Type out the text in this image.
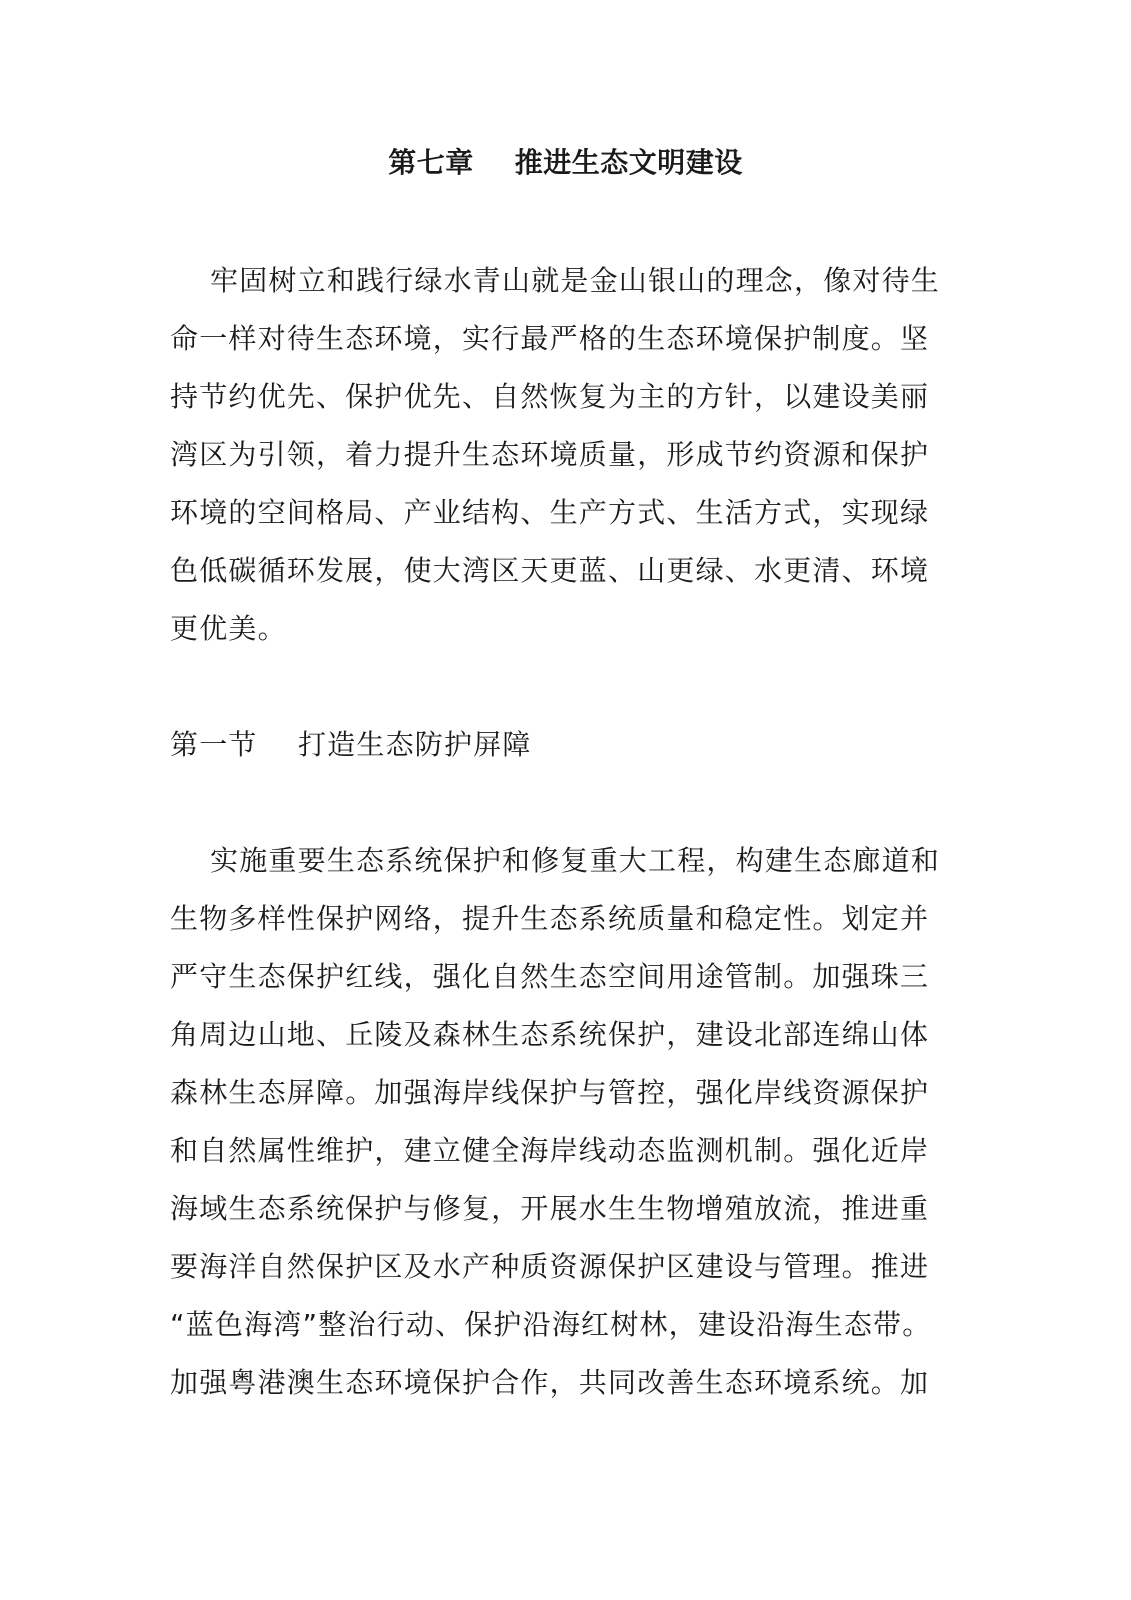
第七章    推进生态文明建设
牢固树立和践行绿水青山就是金山银山的理念，像对待生
命一样对待生态环境，实行最严格的生态环境保护制度。坚
持节约优先、保护优先、自然恢复为主的方针，以建设美丽
湾区为引领，着力提升生态环境质量，形成节约资源和保护
环境的空间格局、产业结构、生产方式、生活方式，实现绿
色低碳循环发展，使大湾区天更蓝、山更绿、水更清、环境
更优美。
第一节    打造生态防护屏障
实施重要生态系统保护和修复重大工程，构建生态廊道和
生物多样性保护网络，提升生态系统质量和稳定性。划定并
严守生态保护红线，强化自然生态空间用途管制。加强珠三
角周边山地、丘陵及森林生态系统保护，建设北部连绵山体
森林生态屏障。加强海岸线保护与管控，强化岸线资源保护
和自然属性维护，建立健全海岸线动态监测机制。强化近岸
海域生态系统保护与修复，开展水生生物增殖放流，推进重
要海洋自然保护区及水产种质资源保护区建设与管理。推进
“蓝色海湾”整治行动、保护沿海红树林，建设沿海生态带。
加强粤港澳生态环境保护合作，共同改善生态环境系统。加
